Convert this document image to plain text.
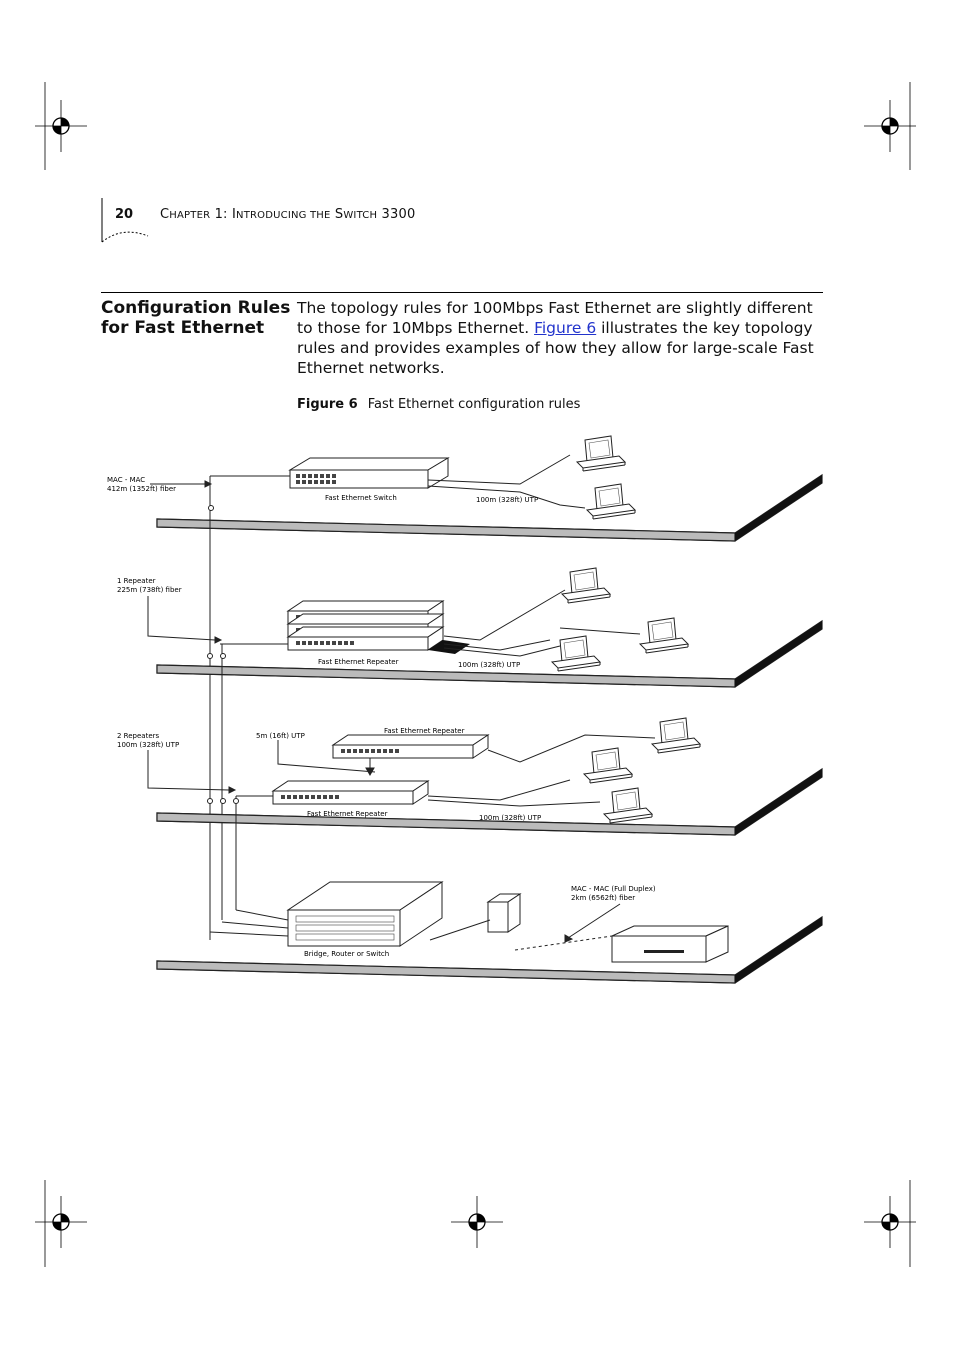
20 CHAPTER 1: INTRODUCING THE SWITCH 3300
Configuration Rules for Fast Ethernet
The topology rules for 100Mbps Fast Ethernet are slightly different to those for 10Mbps Ethernet. Figure 6 illustrates the key topology rules and provides examples of how they allow for large-scale Fast Ethernet networks.
Figure 6 Fast Ethernet configuration rules
MAC - MAC
412m (1352ft) fiber
Fast Ethernet Switch	100m (328ft) UTP
1 Repeater
225m (738ft) fiber
Fast Ethernet Repeater	100m (328ft) UTP
2 Repeaters
100m (328ft) UTP
5m (16ft) UTP
Fast Ethernet Repeater
Fast Ethernet Repeater	100m (328ft) UTP
Bridge, Router or Switch
MAC - MAC (Full Duplex)
2km (6562ft) fiber
